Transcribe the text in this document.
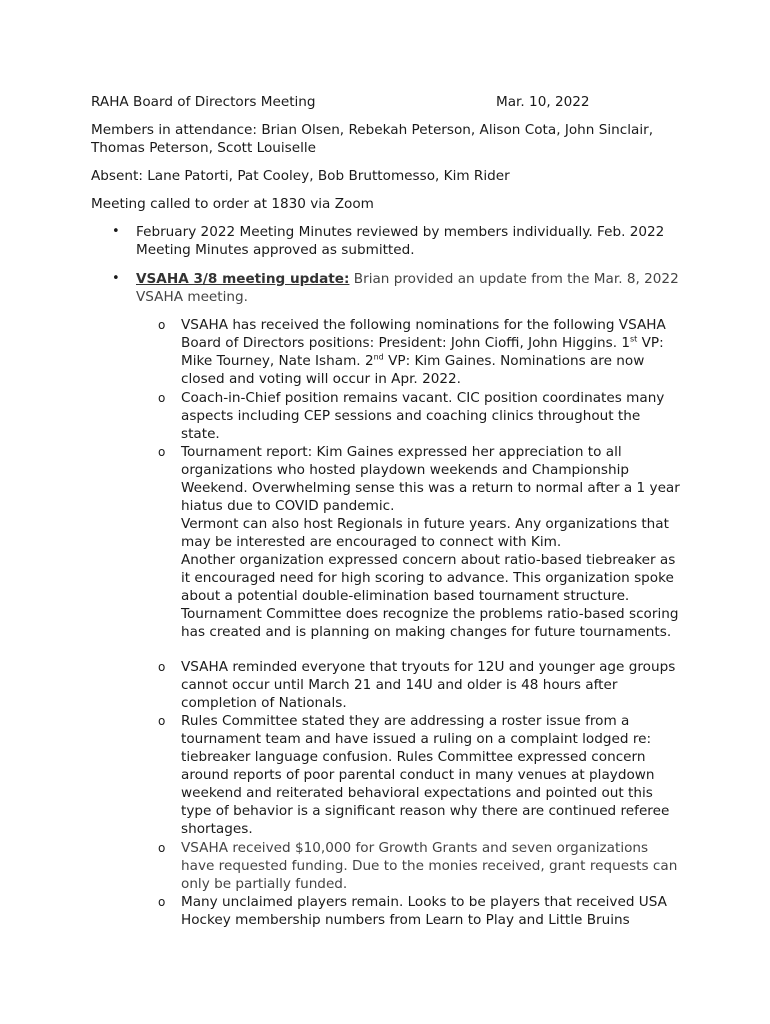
RAHA Board of Directors Meeting	Mar. 10, 2022

Members in attendance: Brian Olsen, Rebekah Peterson, Alison Cota, John Sinclair, Thomas Peterson, Scott Louiselle

Absent: Lane Patorti, Pat Cooley, Bob Bruttomesso, Kim Rider

Meeting called to order at 1830 via Zoom

• February 2022 Meeting Minutes reviewed by members individually. Feb. 2022 Meeting Minutes approved as submitted.
• VSAHA 3/8 meeting update: Brian provided an update from the Mar. 8, 2022 VSAHA meeting.
o VSAHA has received the following nominations for the following VSAHA Board of Directors positions: President: John Cioffi, John Higgins. 1st VP: Mike Tourney, Nate Isham. 2nd VP: Kim Gaines. Nominations are now closed and voting will occur in Apr. 2022.
o Coach-in-Chief position remains vacant. CIC position coordinates many aspects including CEP sessions and coaching clinics throughout the state.
o Tournament report: Kim Gaines expressed her appreciation to all organizations who hosted playdown weekends and Championship Weekend. Overwhelming sense this was a return to normal after a 1 year hiatus due to COVID pandemic.
Vermont can also host Regionals in future years. Any organizations that may be interested are encouraged to connect with Kim.
Another organization expressed concern about ratio-based tiebreaker as it encouraged need for high scoring to advance. This organization spoke about a potential double-elimination based tournament structure. Tournament Committee does recognize the problems ratio-based scoring has created and is planning on making changes for future tournaments.
o VSAHA reminded everyone that tryouts for 12U and younger age groups cannot occur until March 21 and 14U and older is 48 hours after completion of Nationals.
o Rules Committee stated they are addressing a roster issue from a tournament team and have issued a ruling on a complaint lodged re: tiebreaker language confusion. Rules Committee expressed concern around reports of poor parental conduct in many venues at playdown weekend and reiterated behavioral expectations and pointed out this type of behavior is a significant reason why there are continued referee shortages.
o VSAHA received $10,000 for Growth Grants and seven organizations have requested funding. Due to the monies received, grant requests can only be partially funded.
o Many unclaimed players remain. Looks to be players that received USA Hockey membership numbers from Learn to Play and Little Bruins
